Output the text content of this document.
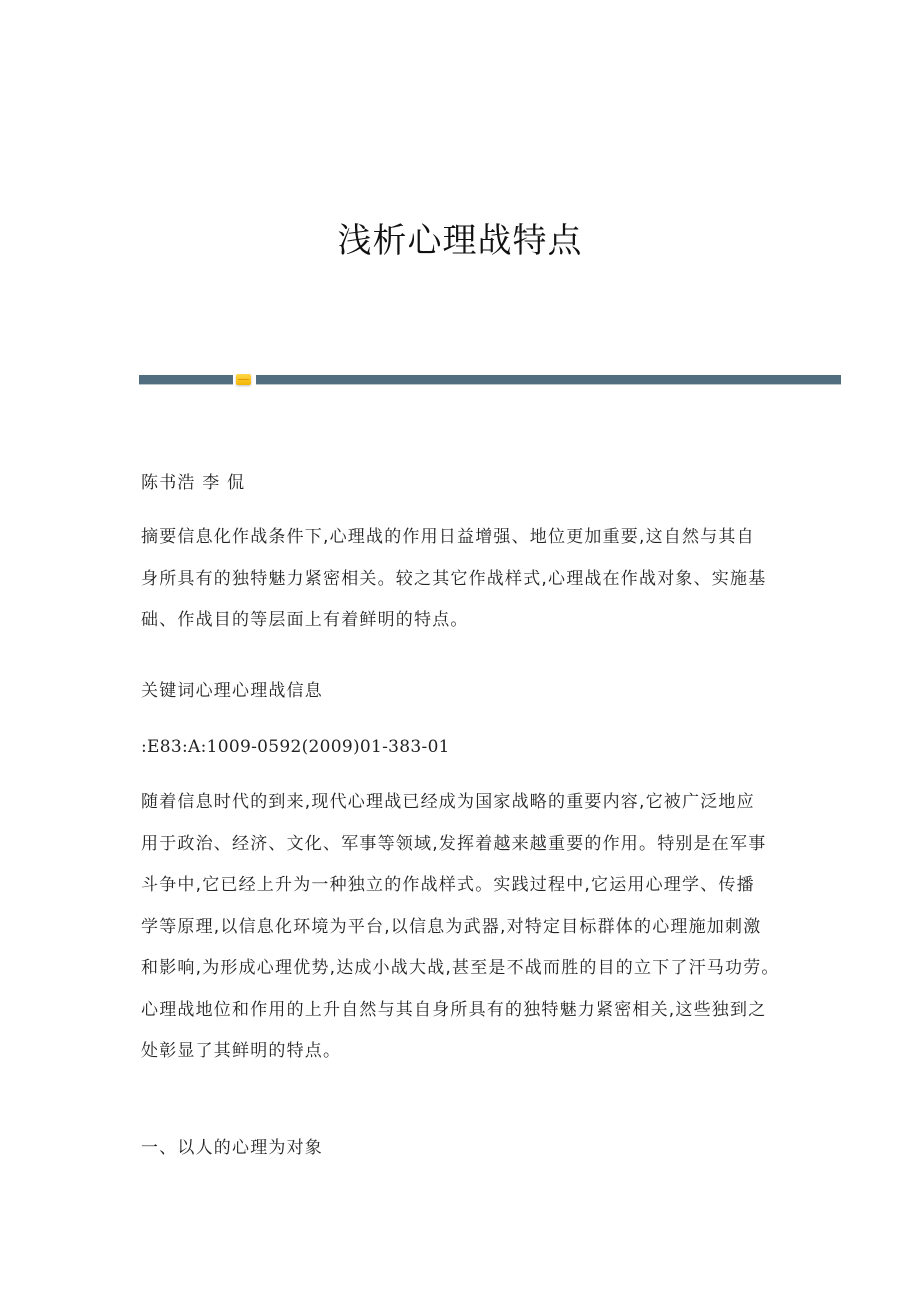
浅析心理战特点
陈书浩 李 侃
摘要信息化作战条件下,心理战的作用日益增强、地位更加重要,这自然与其自
身所具有的独特魅力紧密相关。较之其它作战样式,心理战在作战对象、实施基
础、作战目的等层面上有着鲜明的特点。
关键词心理心理战信息
:E83:A:1009-0592(2009)01-383-01
随着信息时代的到来,现代心理战已经成为国家战略的重要内容,它被广泛地应
用于政治、经济、文化、军事等领域,发挥着越来越重要的作用。特别是在军事
斗争中,它已经上升为一种独立的作战样式。实践过程中,它运用心理学、传播
学等原理,以信息化环境为平台,以信息为武器,对特定目标群体的心理施加刺激
和影响,为形成心理优势,达成小战大战,甚至是不战而胜的目的立下了汗马功劳。
心理战地位和作用的上升自然与其自身所具有的独特魅力紧密相关,这些独到之
处彰显了其鲜明的特点。
一、以人的心理为对象
